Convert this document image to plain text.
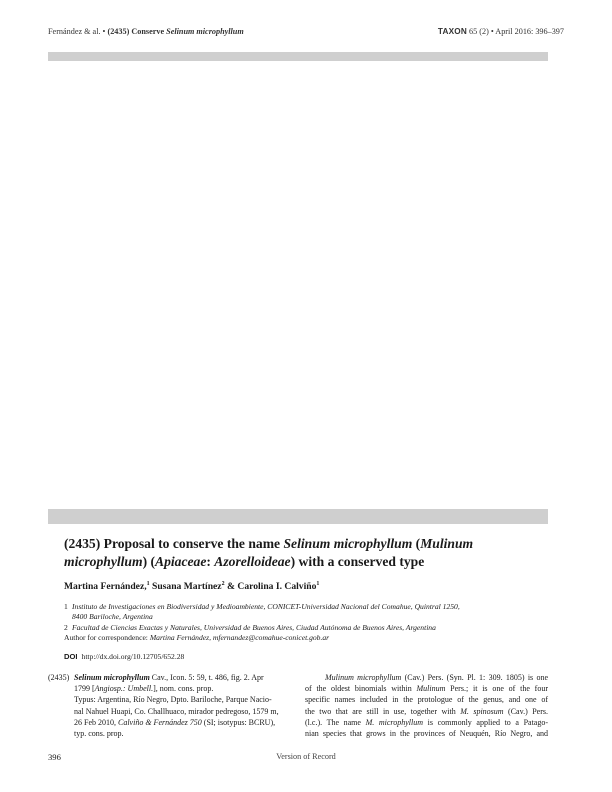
Fernández & al. • (2435) Conserve Selinum microphyllum	TAXON 65 (2) • April 2016: 396–397
(2435) Proposal to conserve the name Selinum microphyllum (Mulinum microphyllum) (Apiaceae: Azorelloideae) with a conserved type
Martina Fernández,$^1$ Susana Martínez$^2$ & Carolina I. Calviño$^1$
1 Instituto de Investigaciones en Biodiversidad y Medioambiente, CONICET-Universidad Nacional del Comahue, Quintral 1250,
8400 Bariloche, Argentina
2 Facultad de Ciencias Exactas y Naturales, Universidad de Buenos Aires, Ciudad Autónoma de Buenos Aires, Argentina
Author for correspondence: Martina Fernández, mfernandez@comahue-conicet.gob.ar
DOI http://dx.doi.org/10.12705/652.28
(2435) Selinum microphyllum Cav., Icon. 5: 59, t. 486, fig. 2. Apr
1799 [Angiosp.: Umbell.], nom. cons. prop.
Typus: Argentina, Río Negro, Dpto. Bariloche, Parque Nacio-
nal Nahuel Huapi, Co. Challhuaco, mirador pedregoso, 1579 m,
26 Feb 2010, Calviño & Fernández 750 (SI; isotypus: BCRU),
typ. cons. prop.
Mulinum microphyllum (Cav.) Pers. (Syn. Pl. 1: 309. 1805) is one
of the oldest binomials within Mulinum Pers.; it is one of the four
specific names included in the protologue of the genus, and one of
the two that are still in use, together with M. spinosum (Cav.) Pers.
(l.c.). The name M. microphyllum is commonly applied to a Patago-
nian species that grows in the provinces of Neuquén, Río Negro, and
396	Version of Record
